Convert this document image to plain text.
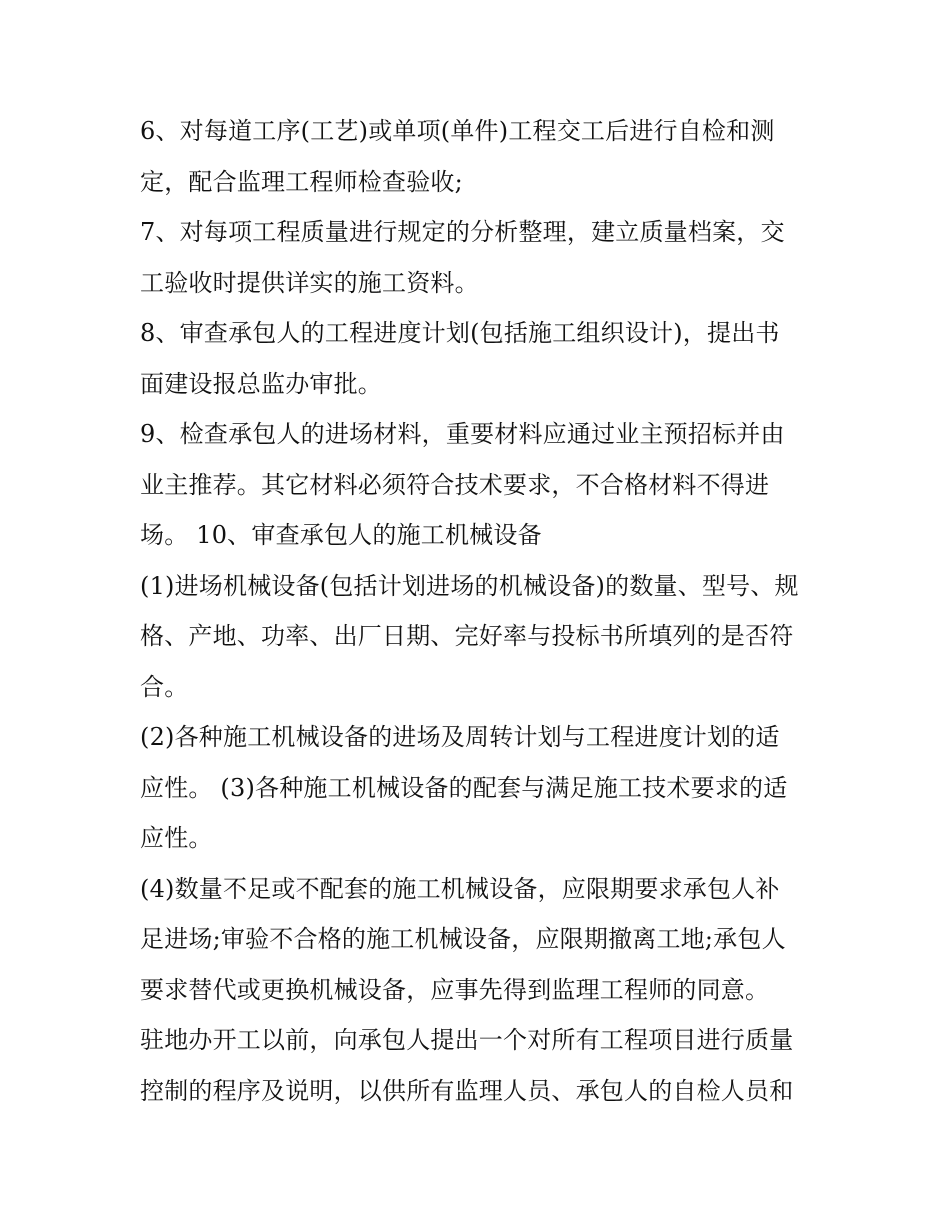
6、对每道工序(工艺)或单项(单件)工程交工后进行自检和测
定，配合监理工程师检查验收;
7、对每项工程质量进行规定的分析整理，建立质量档案，交
工验收时提供详实的施工资料。
8、审查承包人的工程进度计划(包括施工组织设计)，提出书
面建设报总监办审批。
9、检查承包人的进场材料，重要材料应通过业主预招标并由
业主推荐。其它材料必须符合技术要求，不合格材料不得进
场。 10、审查承包人的施工机械设备
(1)进场机械设备(包括计划进场的机械设备)的数量、型号、规
格、产地、功率、出厂日期、完好率与投标书所填列的是否符
合。
(2)各种施工机械设备的进场及周转计划与工程进度计划的适
应性。 (3)各种施工机械设备的配套与满足施工技术要求的适
应性。
(4)数量不足或不配套的施工机械设备，应限期要求承包人补
足进场;审验不合格的施工机械设备，应限期撤离工地;承包人
要求替代或更换机械设备，应事先得到监理工程师的同意。
驻地办开工以前，向承包人提出一个对所有工程项目进行质量
控制的程序及说明，以供所有监理人员、承包人的自检人员和
